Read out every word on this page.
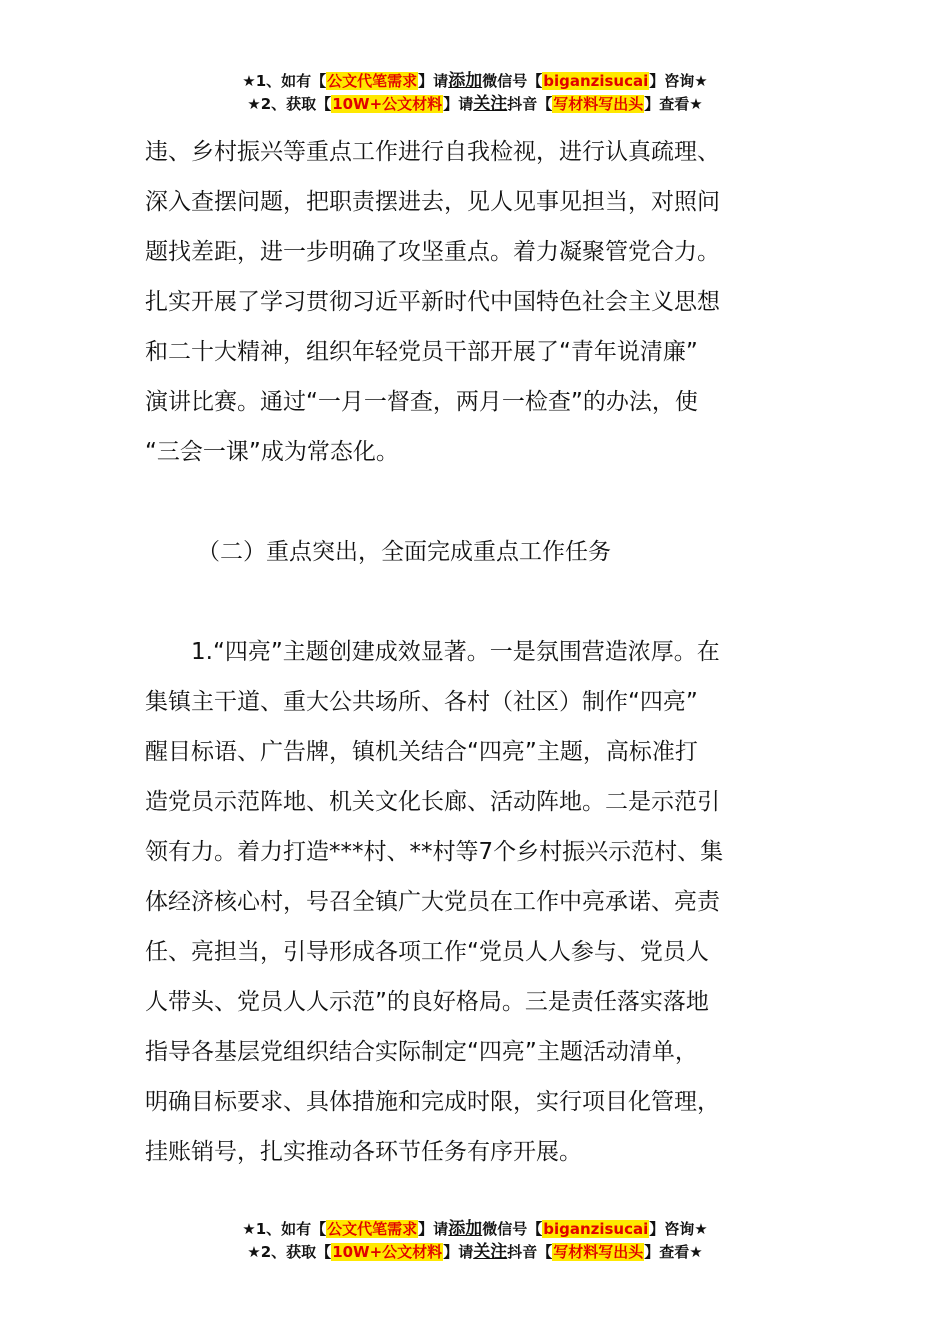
★1、如有【公文代笔需求】请添加微信号【biganzisucai】咨询★
★2、获取【10W+公文材料】请关注抖音【写材料写出头】查看★

违、乡村振兴等重点工作进行自我检视，进行认真疏理、

深入查摆问题，把职责摆进去，见人见事见担当，对照问

题找差距，进一步明确了攻坚重点。着力凝聚管党合力。

扎实开展了学习贯彻习近平新时代中国特色社会主义思想

和二十大精神，组织年轻党员干部开展了“青年说清廉”

演讲比赛。通过“一月一督查，两月一检查”的办法，使

“三会一课”成为常态化。

（二）重点突出，全面完成重点工作任务

　　1.“四亮”主题创建成效显著。一是氛围营造浓厚。在

集镇主干道、重大公共场所、各村（社区）制作“四亮”

醒目标语、广告牌，镇机关结合“四亮”主题，高标准打

造党员示范阵地、机关文化长廊、活动阵地。二是示范引

领有力。着力打造***村、**村等7个乡村振兴示范村、集

体经济核心村，号召全镇广大党员在工作中亮承诺、亮责

任、亮担当，引导形成各项工作“党员人人参与、党员人

人带头、党员人人示范”的良好格局。三是责任落实落地

指导各基层党组织结合实际制定“四亮”主题活动清单，

明确目标要求、具体措施和完成时限，实行项目化管理，

挂账销号，扎实推动各环节任务有序开展。

★1、如有【公文代笔需求】请添加微信号【biganzisucai】咨询★
★2、获取【10W+公文材料】请关注抖音【写材料写出头】查看★
